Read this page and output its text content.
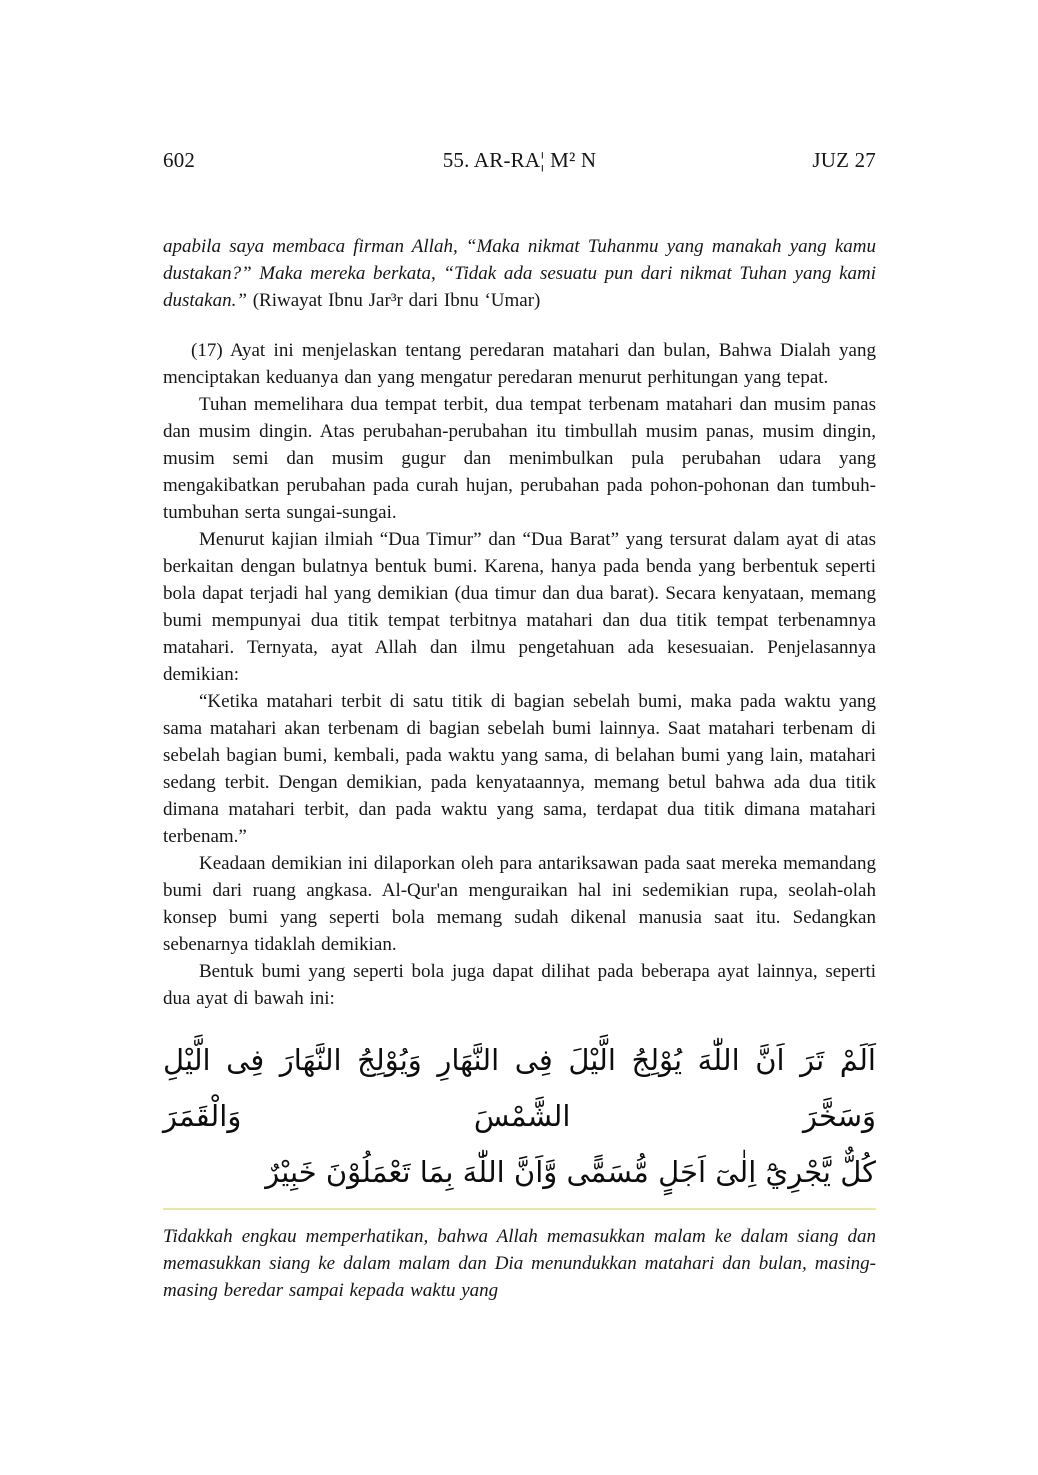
602	55. AR-RA¦ M² N	JUZ 27

apabila saya membaca firman Allah, “Maka nikmat Tuhanmu yang manakah yang kamu dustakan?” Maka mereka berkata, “Tidak ada sesuatu pun dari nikmat Tuhan yang kami dustakan.” (Riwayat Ibnu Jar³r dari Ibnu ‘Umar)

(17) Ayat ini menjelaskan tentang peredaran matahari dan bulan, Bahwa Dialah yang menciptakan keduanya dan yang mengatur peredaran menurut perhitungan yang tepat.

Tuhan memelihara dua tempat terbit, dua tempat terbenam matahari dan musim panas dan musim dingin. Atas perubahan-perubahan itu timbullah musim panas, musim dingin, musim semi dan musim gugur dan menimbulkan pula perubahan udara yang mengakibatkan perubahan pada curah hujan, perubahan pada pohon-pohonan dan tumbuh-tumbuhan serta sungai-sungai.

Menurut kajian ilmiah “Dua Timur” dan “Dua Barat” yang tersurat dalam ayat di atas berkaitan dengan bulatnya bentuk bumi. Karena, hanya pada benda yang berbentuk seperti bola dapat terjadi hal yang demikian (dua timur dan dua barat). Secara kenyataan, memang bumi mempunyai dua titik tempat terbitnya matahari dan dua titik tempat terbenamnya matahari. Ternyata, ayat Allah dan ilmu pengetahuan ada kesesuaian. Penjelasannya demikian:

“Ketika matahari terbit di satu titik di bagian sebelah bumi, maka pada waktu yang sama matahari akan terbenam di bagian sebelah bumi lainnya. Saat matahari terbenam di sebelah bagian bumi, kembali, pada waktu yang sama, di belahan bumi yang lain, matahari sedang terbit. Dengan demikian, pada kenyataannya, memang betul bahwa ada dua titik dimana matahari terbit, dan pada waktu yang sama, terdapat dua titik dimana matahari terbenam.”

Keadaan demikian ini dilaporkan oleh para antariksawan pada saat mereka memandang bumi dari ruang angkasa. Al-Qur'an menguraikan hal ini sedemikian rupa, seolah-olah konsep bumi yang seperti bola memang sudah dikenal manusia saat itu. Sedangkan sebenarnya tidaklah demikian.

Bentuk bumi yang seperti bola juga dapat dilihat pada beberapa ayat lainnya, seperti dua ayat di bawah ini:

اَلَمْ تَرَ اَنَّ اللّٰهَ يُوْلِجُ الَّيْلَ فِى النَّهَارِ وَيُوْلِجُ النَّهَارَ فِى الَّيْلِ وَسَخَّرَ الشَّمْسَ وَالْقَمَرَ
كُلٌّ يَّجْرِيْٓ اِلٰىٓ اَجَلٍ مُّسَمًّى وَّاَنَّ اللّٰهَ بِمَا تَعْمَلُوْنَ خَبِيْرٌ

Tidakkah engkau memperhatikan, bahwa Allah memasukkan malam ke dalam siang dan memasukkan siang ke dalam malam dan Dia menundukkan matahari dan bulan, masing-masing beredar sampai kepada waktu yang
